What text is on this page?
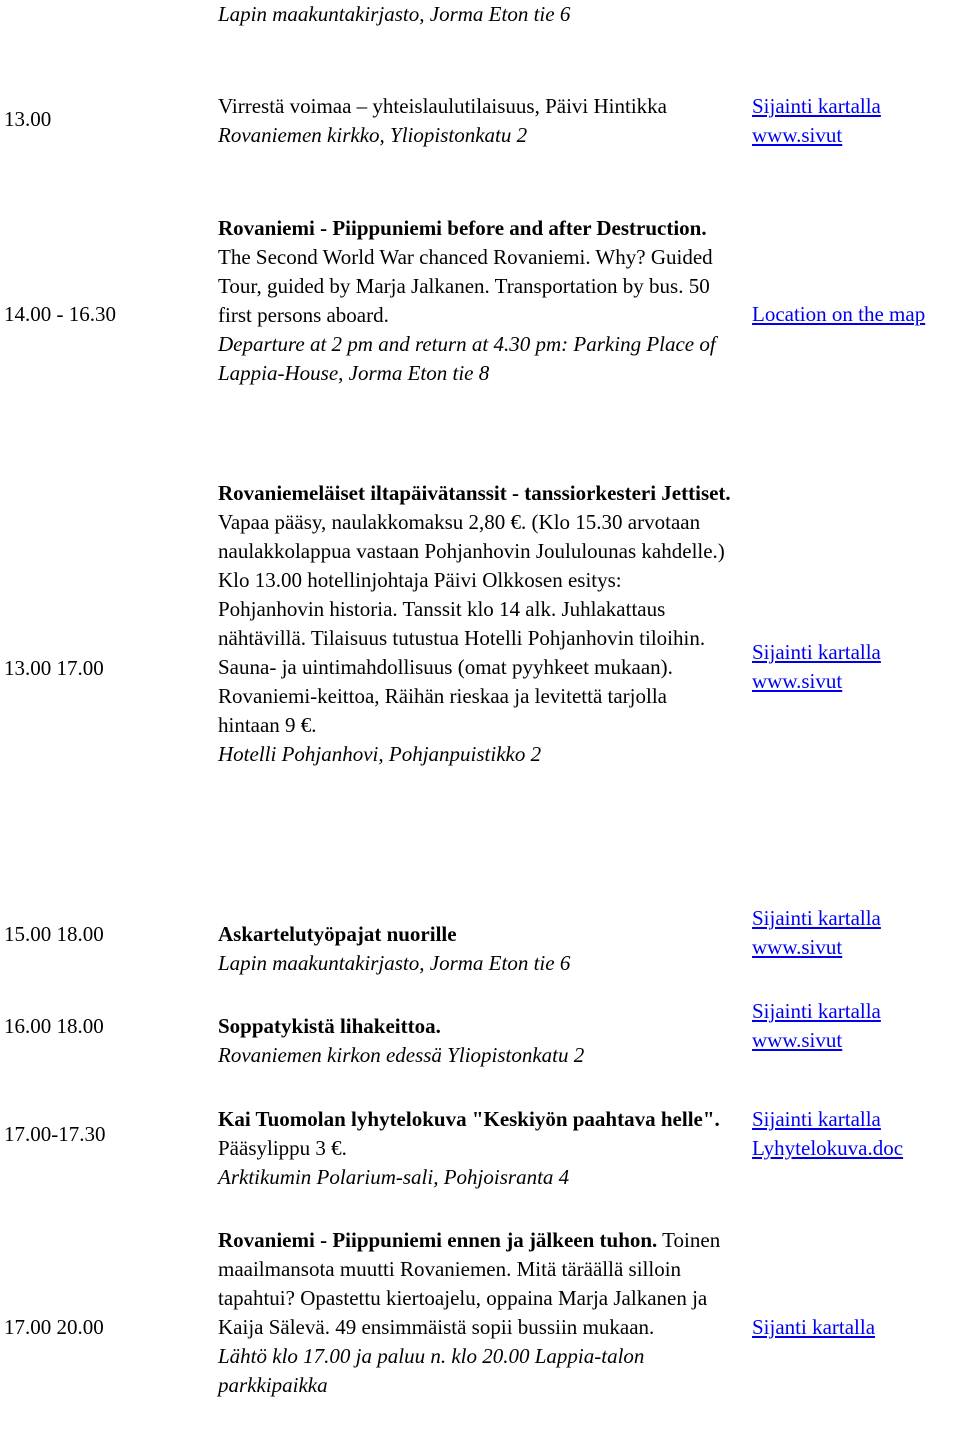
Lapin maakuntakirjasto, Jorma Eton tie 6
13.00
Virrestä voimaa – yhteislaulutilaisuus, Päivi Hintikka
Rovaniemen kirkko, Yliopistonkatu 2
Sijainti kartalla
www.sivut
14.00 - 16.30
Rovaniemi - Piippuniemi before and after Destruction. The Second World War chanced Rovaniemi. Why? Guided Tour, guided by Marja Jalkanen. Transportation by bus. 50 first persons aboard.
Departure at 2 pm and return at 4.30 pm: Parking Place of Lappia-House, Jorma Eton tie 8
Location on the map
13.00 17.00
Rovaniemeläiset iltapäivätanssit - tanssiorkesteri Jettiset. Vapaa pääsy, naulakkomaksu 2,80 €. (Klo 15.30 arvotaan naulakkolappua vastaan Pohjanhovin Joululounas kahdelle.) Klo 13.00 hotellinjohtaja Päivi Olkkosen esitys: Pohjanhovin historia. Tanssit klo 14 alk. Juhlakattaus nähtävillä. Tilaisuus tutustua Hotelli Pohjanhovin tiloihin. Sauna- ja uintimahdollisuus (omat pyyhkeet mukaan). Rovaniemi-keittoa, Räihän rieskaa ja levitettä tarjolla hintaan 9 €.
Hotelli Pohjanhovi, Pohjanpuistikko 2
Sijainti kartalla
www.sivut
15.00 18.00	Askartelutyöpajat nuorille
Lapin maakuntakirjasto, Jorma Eton tie 6
Sijainti kartalla
www.sivut
16.00 18.00	Soppatykistä lihakeittoa.
Rovaniemen kirkon edessä Yliopistonkatu 2
Sijainti kartalla
www.sivut
17.00-17.30
Kai Tuomolan lyhytelokuva "Keskiyön paahtava helle". Pääsylippu 3 €.
Arktikumin Polarium-sali, Pohjoisranta 4
Sijainti kartalla
Lyhytelokuva.doc
17.00 20.00
Rovaniemi - Piippuniemi ennen ja jälkeen tuhon. Toinen maailmansota muutti Rovaniemen. Mitä täräällä silloin tapahtui? Opastettu kiertoajelu, oppaina Marja Jalkanen ja Kaija Sälevä. 49 ensimmäistä sopii bussiin mukaan.
Lähtö klo 17.00 ja paluu n. klo 20.00 Lappia-talon parkkipaikka
Sijanti kartalla
